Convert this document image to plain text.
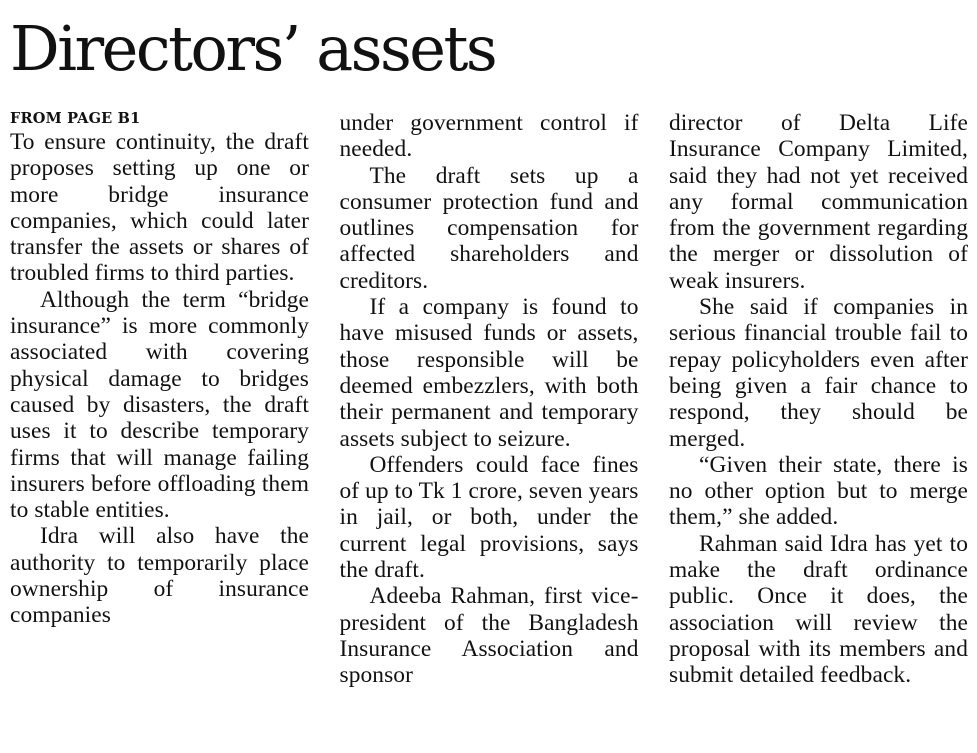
Directors’ assets
FROM PAGE B1

To ensure continuity, the draft proposes setting up one or more bridge insurance companies, which could later transfer the assets or shares of troubled firms to third parties.

Although the term “bridge insurance” is more commonly associated with covering physical damage to bridges caused by disasters, the draft uses it to describe temporary firms that will manage failing insurers before offloading them to stable entities.

Idra will also have the authority to temporarily place ownership of insurance companies

under government control if needed.

The draft sets up a consumer protection fund and outlines compensation for affected shareholders and creditors.

If a company is found to have misused funds or assets, those responsible will be deemed embezzlers, with both their permanent and temporary assets subject to seizure.

Offenders could face fines of up to Tk 1 crore, seven years in jail, or both, under the current legal provisions, says the draft.

Adeeba Rahman, first vice-president of the Bangladesh Insurance Association and sponsor

director of Delta Life Insurance Company Limited, said they had not yet received any formal communication from the government regarding the merger or dissolution of weak insurers.

She said if companies in serious financial trouble fail to repay policyholders even after being given a fair chance to respond, they should be merged.

“Given their state, there is no other option but to merge them,” she added.

Rahman said Idra has yet to make the draft ordinance public. Once it does, the association will review the proposal with its members and submit detailed feedback.
